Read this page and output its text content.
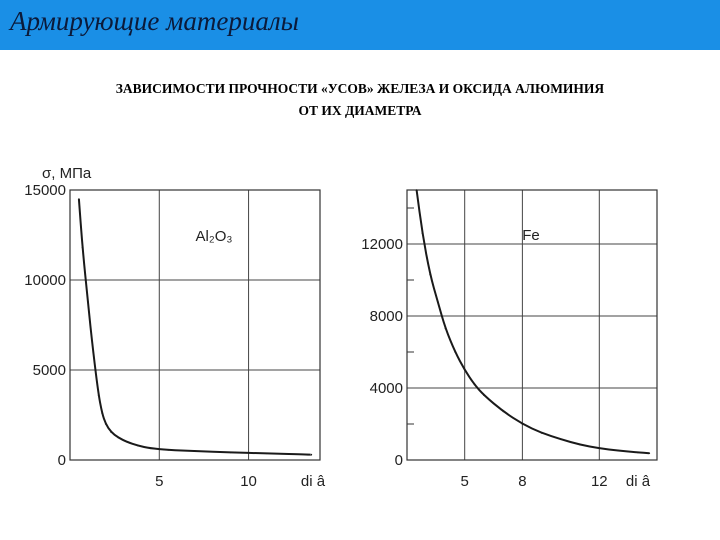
Армирующие материалы
ЗАВИСИМОСТИ ПРОЧНОСТИ «УСОВ» ЖЕЛЕЗА И ОКСИДА АЛЮМИНИЯ
ОТ ИХ ДИАМЕТРА
5	10
0
5000
10000
15000
σ, МПа
di â
Al₂O₃
5	8	12
0
4000
8000
12000
di â
Fe
